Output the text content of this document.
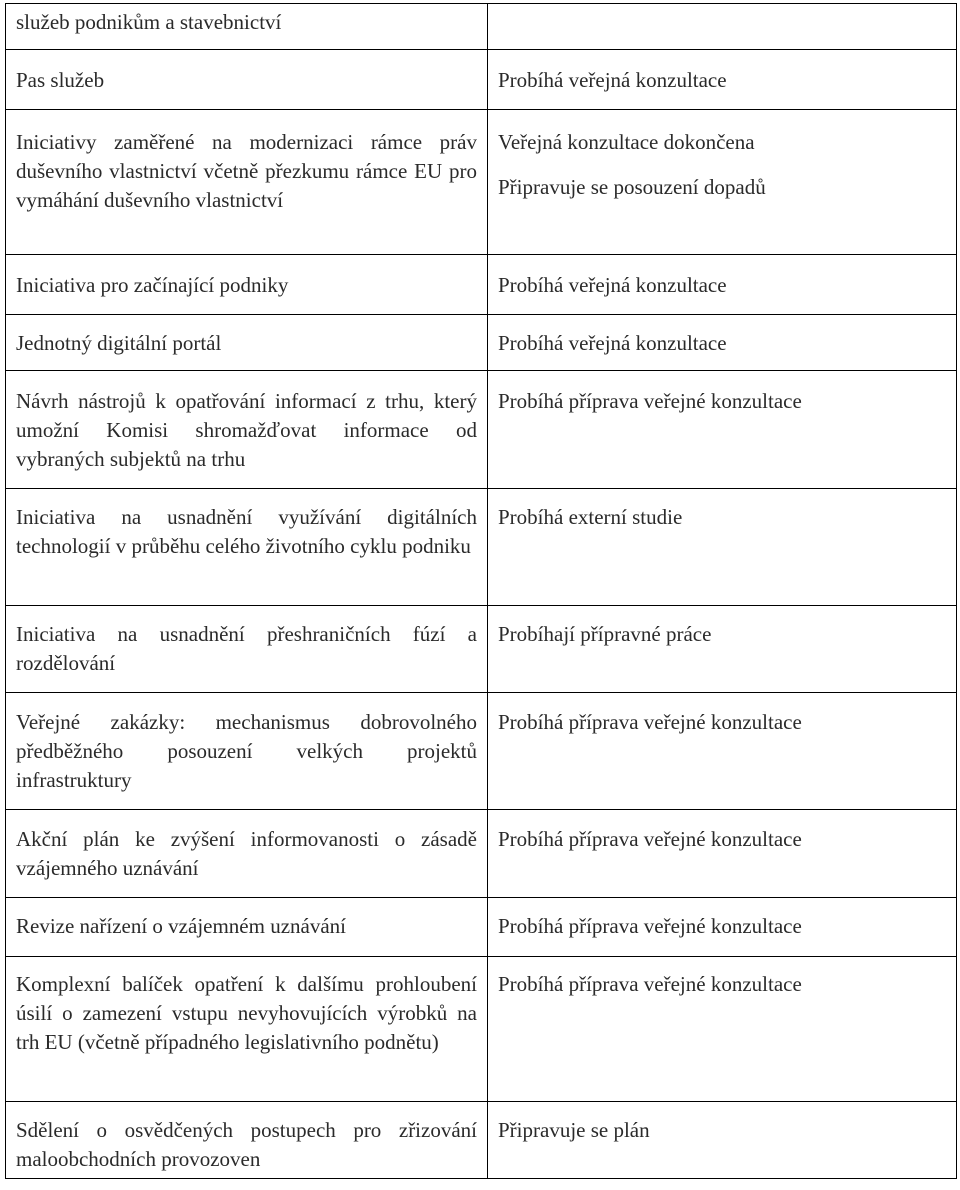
služeb podnikům a stavebnictví	
Pas služeb	Probíhá veřejná konzultace

Iniciativy zaměřené na modernizaci rámce práv duševního vlastnictví včetně přezkumu rámce EU pro vymáhání duševního vlastnictví	Veřejná konzultace dokončena
Připravuje se posouzení dopadů

Iniciativa pro začínající podniky	Probíhá veřejná konzultace

Jednotný digitální portál	Probíhá veřejná konzultace

Návrh nástrojů k opatřování informací z trhu, který umožní Komisi shromažďovat informace od vybraných subjektů na trhu	Probíhá příprava veřejné konzultace

Iniciativa na usnadnění využívání digitálních technologií v průběhu celého životního cyklu podniku	Probíhá externí studie

Iniciativa na usnadnění přeshraničních fúzí a rozdělování	Probíhají přípravné práce

Veřejné zakázky: mechanismus dobrovolného předběžného posouzení velkých projektů infrastruktury	Probíhá příprava veřejné konzultace

Akční plán ke zvýšení informovanosti o zásadě vzájemného uznávání	Probíhá příprava veřejné konzultace

Revize nařízení o vzájemném uznávání	Probíhá příprava veřejné konzultace

Komplexní balíček opatření k dalšímu prohloubení úsilí o zamezení vstupu nevyhovujících výrobků na trh EU (včetně případného legislativního podnětu)	Probíhá příprava veřejné konzultace

Sdělení o osvědčených postupech pro zřizování maloobchodních provozoven	Připravuje se plán
